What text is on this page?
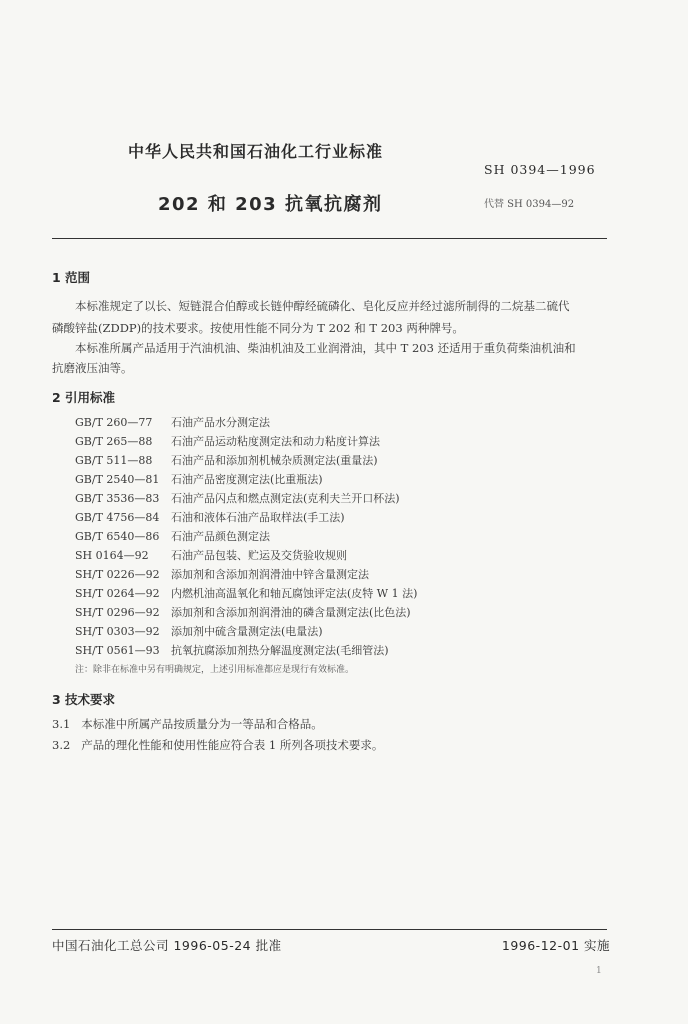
中华人民共和国石油化工行业标准
SH 0394—1996
202 和 203 抗氧抗腐剂	代替 SH 0394—92
1 范围
本标准规定了以长、短链混合伯醇或长链仲醇经硫磷化、皂化反应并经过滤所制得的二烷基二硫代
磷酸锌盐(ZDDP)的技术要求。按使用性能不同分为 T 202 和 T 203 两种牌号。
本标准所属产品适用于汽油机油、柴油机油及工业润滑油，其中 T 203 还适用于重负荷柴油机油和
抗磨液压油等。
2 引用标准
GB/T 260—77 石油产品水分测定法
GB/T 265—88 石油产品运动粘度测定法和动力粘度计算法
GB/T 511—88 石油产品和添加剂机械杂质测定法(重量法)
GB/T 2540—81 石油产品密度测定法(比重瓶法)
GB/T 3536—83 石油产品闪点和燃点测定法(克利夫兰开口杯法)
GB/T 4756—84 石油和液体石油产品取样法(手工法)
GB/T 6540—86 石油产品颜色测定法
SH 0164—92 石油产品包装、贮运及交货验收规则
SH/T 0226—92 添加剂和含添加剂润滑油中锌含量测定法
SH/T 0264—92 内燃机油高温氧化和轴瓦腐蚀评定法(皮特 W 1 法)
SH/T 0296—92 添加剂和含添加剂润滑油的磷含量测定法(比色法)
SH/T 0303—92 添加剂中硫含量测定法(电量法)
SH/T 0561—93 抗氧抗腐添加剂热分解温度测定法(毛细管法)
注：除非在标准中另有明确规定，上述引用标准都应是现行有效标准。
3 技术要求
3.1 本标准中所属产品按质量分为一等品和合格品。
3.2 产品的理化性能和使用性能应符合表 1 所列各项技术要求。
中国石油化工总公司 1996-05-24 批准	1996-12-01 实施
1
